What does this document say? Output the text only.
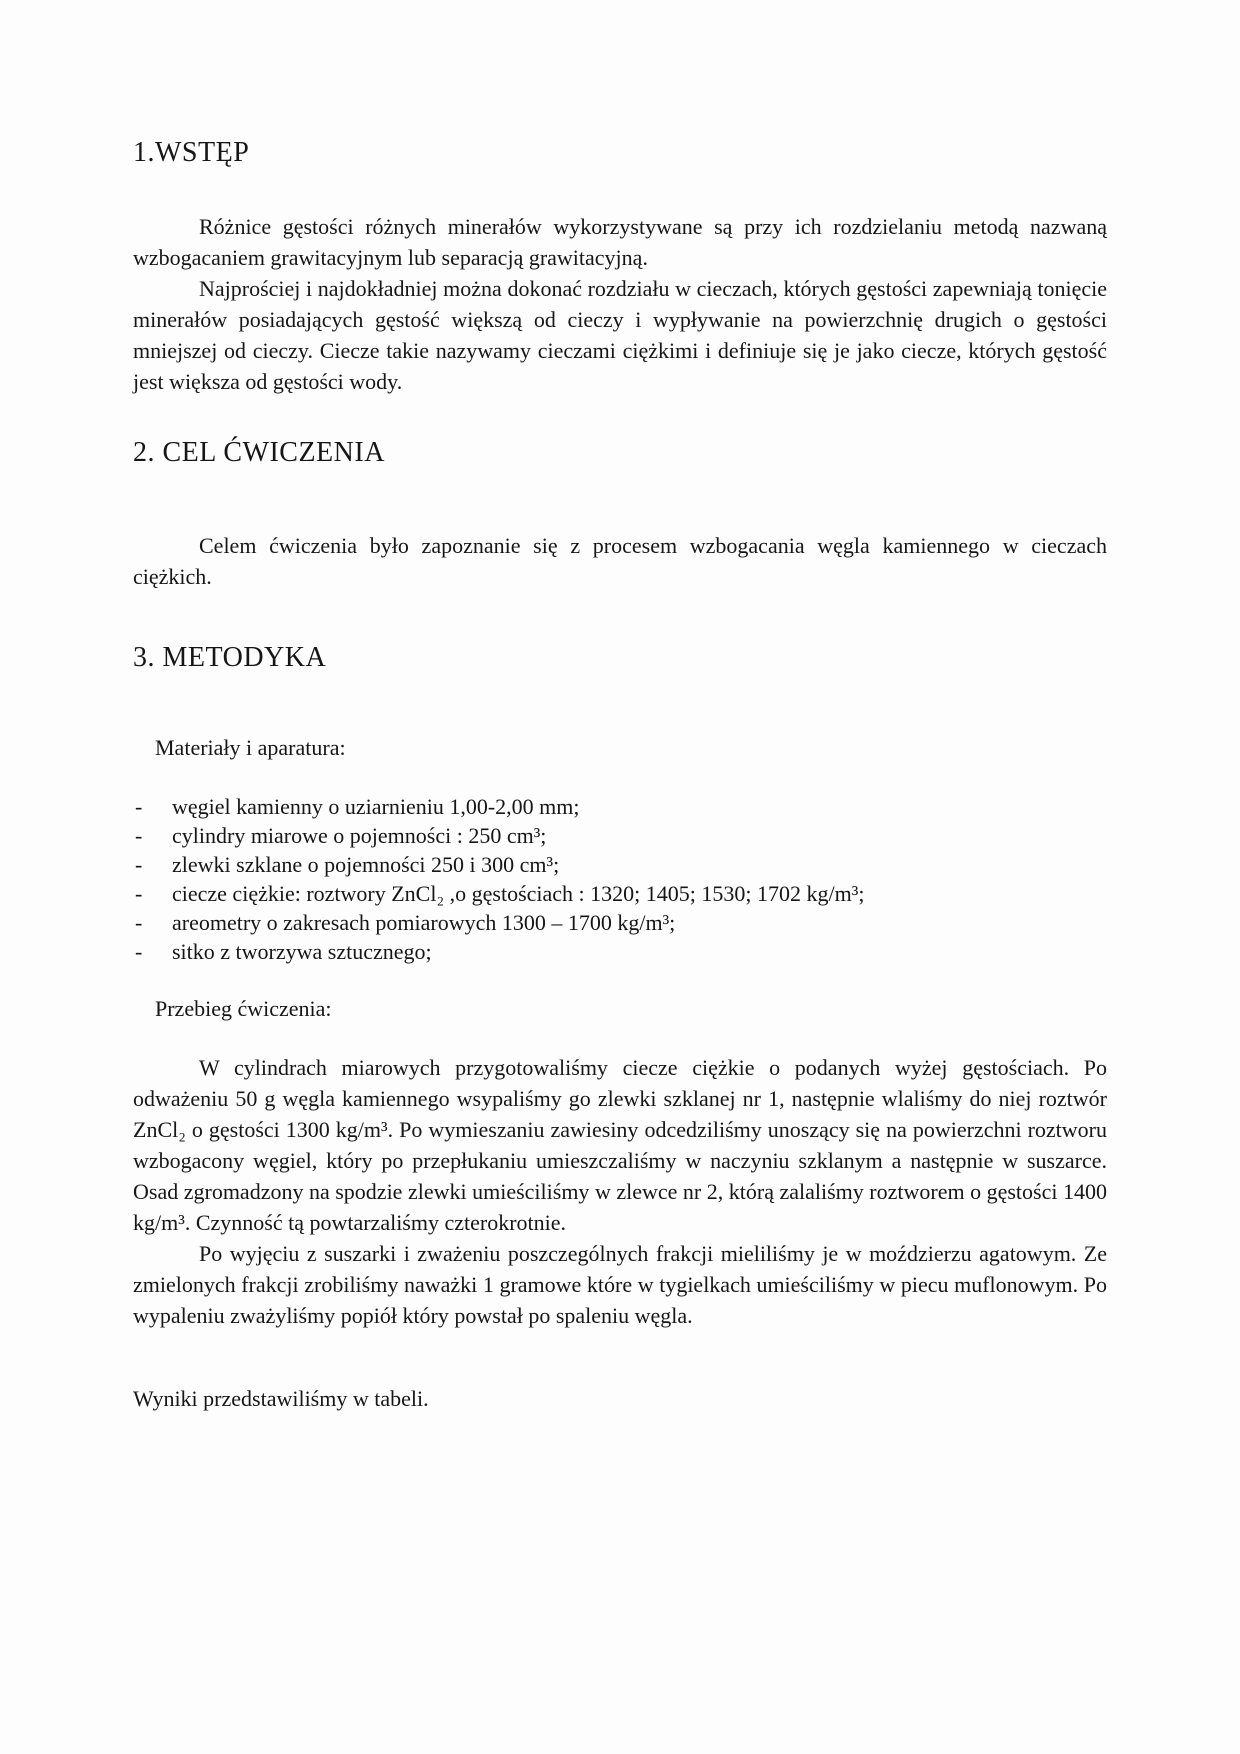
1.WSTĘP

Różnice gęstości różnych minerałów wykorzystywane są przy ich rozdzielaniu metodą nazwaną wzbogacaniem grawitacyjnym lub separacją grawitacyjną.

Najprościej i najdokładniej można dokonać rozdziału w cieczach, których gęstości zapewniają tonięcie minerałów posiadających gęstość większą od cieczy i wypływanie na powierzchnię drugich o gęstości mniejszej od cieczy. Ciecze takie nazywamy cieczami ciężkimi i definiuje się je jako ciecze, których gęstość jest większa od gęstości wody.

2. CEL ĆWICZENIA

Celem ćwiczenia było zapoznanie się z procesem wzbogacania węgla kamiennego w cieczach ciężkich.

3. METODYKA

Materiały i aparatura:

-	węgiel kamienny o uziarnieniu 1,00-2,00 mm;
-	cylindry miarowe o pojemności : 250 cm³;
-	zlewki szklane o pojemności 250 i 300 cm³;
-	ciecze ciężkie: roztwory ZnCl₂ ,o gęstościach : 1320; 1405; 1530; 1702 kg/m³;
-	areometry o zakresach pomiarowych 1300 – 1700 kg/m³;
-	sitko z tworzywa sztucznego;

Przebieg ćwiczenia:

W cylindrach miarowych przygotowaliśmy ciecze ciężkie o podanych wyżej gęstościach. Po odważeniu 50 g węgla kamiennego wsypaliśmy go zlewki szklanej nr 1, następnie wlaliśmy do niej roztwór ZnCl₂ o gęstości 1300 kg/m³. Po wymieszaniu zawiesiny odcedziliśmy unoszący się na powierzchni roztworu wzbogacony węgiel, który po przepłukaniu umieszczaliśmy w naczyniu szklanym a następnie w suszarce. Osad zgromadzony na spodzie zlewki umieściliśmy w zlewce nr 2, którą zalaliśmy roztworem o gęstości 1400 kg/m³. Czynność tą powtarzaliśmy czterokrotnie.

Po wyjęciu z suszarki i zważeniu poszczególnych frakcji mieliliśmy je w moździerzu agatowym. Ze zmielonych frakcji zrobiliśmy naważki 1 gramowe które w tygielkach umieściliśmy w piecu muflonowym. Po wypaleniu zważyliśmy popiół który powstał po spaleniu węgla.

Wyniki przedstawiliśmy w tabeli.
